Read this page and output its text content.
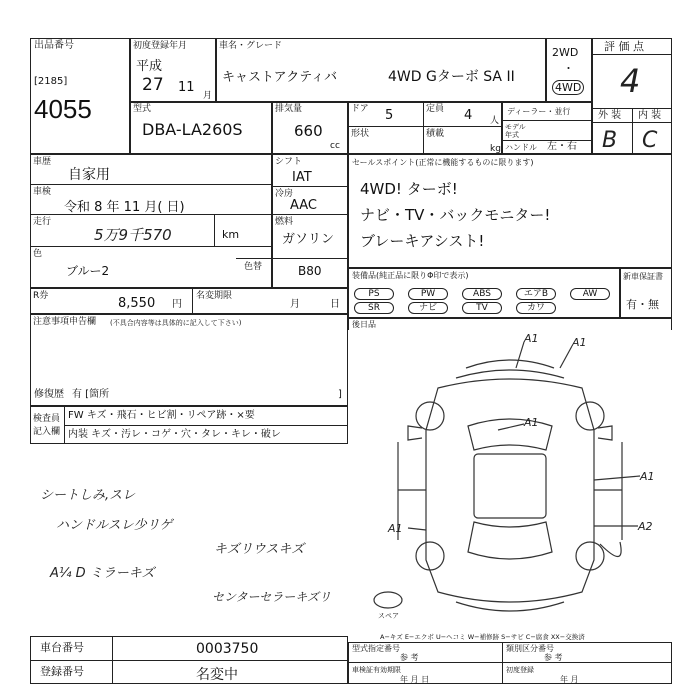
出品番号
[2185]
4055
初度登録年月
平成
27 11
月
車名・グレード
キャストアクティバ	4WD Gターボ SA II
2WD
・
4WD
評 価 点
4
外 装 内 装
B C
型式
DBA-LA260S
排気量
660
cc
ドア 5	定員 4 人
形状	積載
kg
ディーラー・並行
モデル
年式
ハンドル 左・右
車歴
自家用
車検
令和 8 年 11 月( 日)
走行
5万9千570	km
色
ブルー2
シフト
IAT
冷房
AAC
燃料
ガソリン
色替	B80
R券	8,550 円
名変期限
月	日
注意事項申告欄 (不具合内容等は具体的に記入して下さい)
修復歴 有 [箇所	]
検査員
記入欄
FW キズ・飛石・ヒビ割・リペア跡・×要
内装 キズ・汚レ・コゲ・穴・タレ・キレ・破レ
シートしみ,スレ
ハンドルスレ少リゲ
A¼ D ミラーキズ
キズリウスキズ
センターセラーキズリ
セールスポイント(正常に機能するものに限ります)
4WD! ターボ!
ナビ・TV・バックモニター!
ブレーキアシスト!
装備品(純正品に限りΦ印で表示)
PS	PW	ABS	エアB	AW
SR	ナビ	TV	カワ
新車保証書
有・無
後日品
A1	A1
A1
A1
A1	A2
スペア
A−キズ E−エクボ U−ヘコミ W−補修跡 S−サビ C−腐食 XX−交換済
車台番号	0003750
登録番号	名変中
型式指定番号
参 考
類別区分番号
参 考
車検証有効期限
年 月 日
初度登録
年 月
